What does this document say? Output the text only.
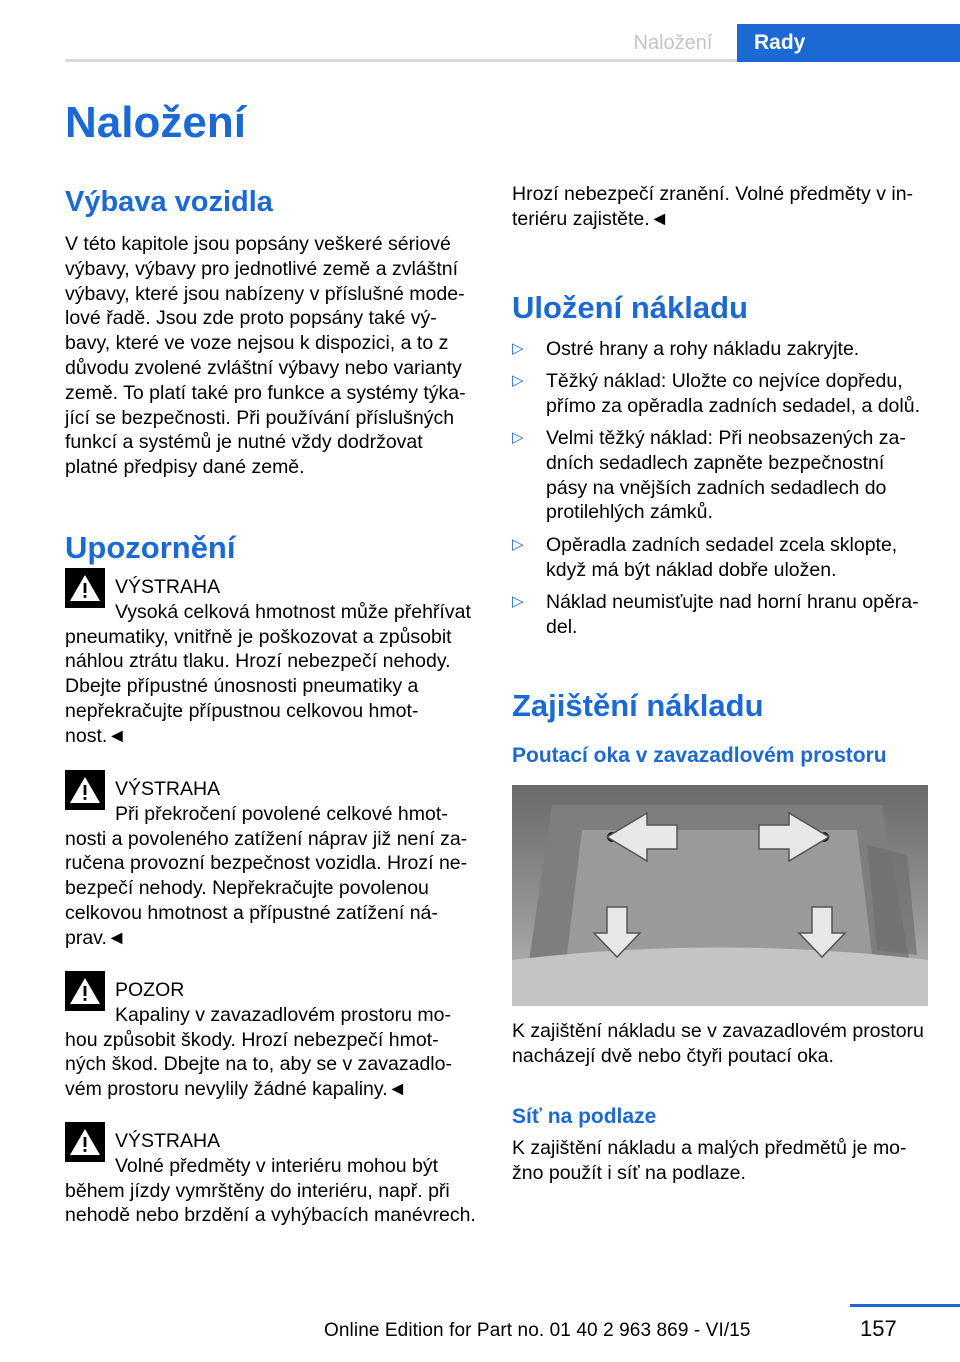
Naložení	Rady
Naložení
Výbava vozidla

V této kapitole jsou popsány veškeré sériové

výbavy, výbavy pro jednotlivé země a zvláštní

výbavy, které jsou nabízeny v příslušné mode-

lové řadě. Jsou zde proto popsány také vý-

bavy, které ve voze nejsou k dispozici, a to z

důvodu zvolené zvláštní výbavy nebo varianty

země. To platí také pro funkce a systémy týka-

jící se bezpečnosti. Při používání příslušných

funkcí a systémů je nutné vždy dodržovat

platné předpisy dané země.

Upozornění
VÝSTRAHA

Vysoká celková hmotnost může přehřívat

pneumatiky, vnitřně je poškozovat a způsobit

náhlou ztrátu tlaku. Hrozí nebezpečí nehody.

Dbejte přípustné únosnosti pneumatiky a

nepřekračujte přípustnou celkovou hmot-

nost.◄

VÝSTRAHA

Při překročení povolené celkové hmot-

nosti a povoleného zatížení náprav již není za-

ručena provozní bezpečnost vozidla. Hrozí ne-

bezpečí nehody. Nepřekračujte povolenou

celkovou hmotnost a přípustné zatížení ná-

prav.◄

POZOR

Kapaliny v zavazadlovém prostoru mo-

hou způsobit škody. Hrozí nebezpečí hmot-

ných škod. Dbejte na to, aby se v zavazadlo-

vém prostoru nevylily žádné kapaliny.◄

VÝSTRAHA

Volné předměty v interiéru mohou být

během jízdy vymrštěny do interiéru, např. při

nehodě nebo brzdění a vyhýbacích manévrech.

Hrozí nebezpečí zranění. Volné předměty v in-

teriéru zajistěte.◄

Uložení nákladu
▷	Ostré hrany a rohy nákladu zakryjte.
▷ Těžký náklad: Uložte co nejvíce dopředu,

přímo za opěradla zadních sedadel, a dolů.

▷ Velmi těžký náklad: Při neobsazených za-

dních sedadlech zapněte bezpečnostní

pásy na vnějších zadních sedadlech do

protilehlých zámků.

▷ Opěradla zadních sedadel zcela sklopte,

když má být náklad dobře uložen.

▷ Náklad neumisťujte nad horní hranu opěra-

del.

Zajištění nákladu
Poutací oka v zavazadlovém prostoru

K zajištění nákladu se v zavazadlovém prostoru

nacházejí dvě nebo čtyři poutací oka.

Síť na podlaze

K zajištění nákladu a malých předmětů je mo-

žno použít i síť na podlaze.

157
Online Edition for Part no. 01 40 2 963 869 - VI/15
